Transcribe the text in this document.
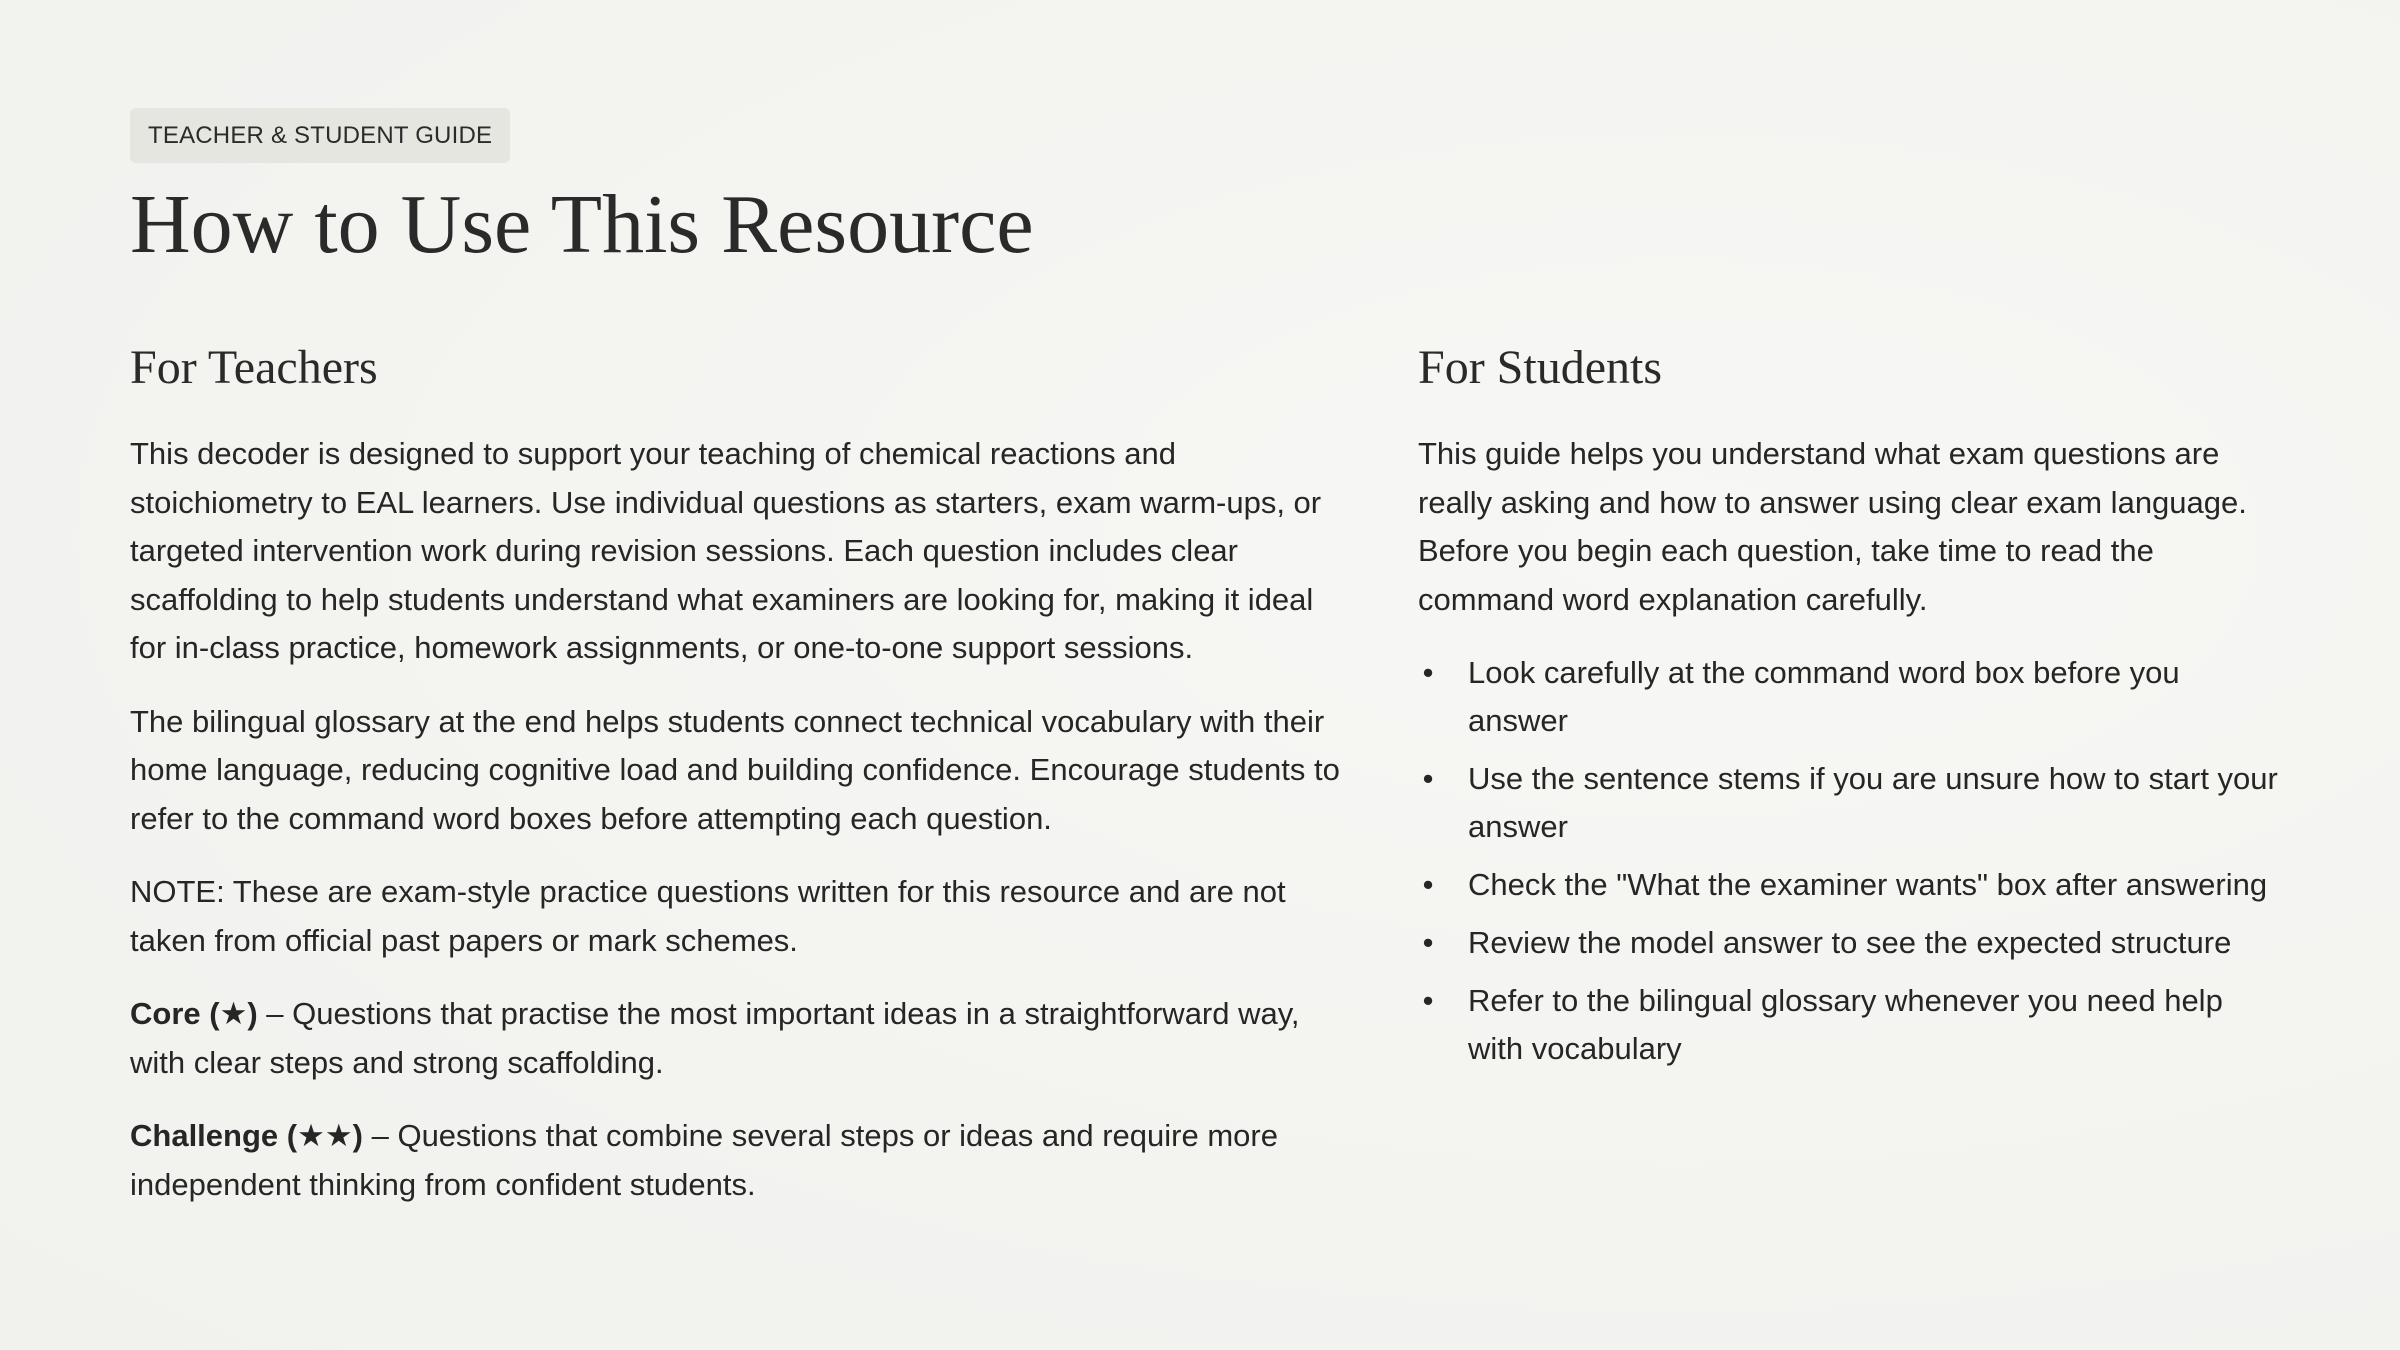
TEACHER & STUDENT GUIDE
How to Use This Resource
For Teachers

This decoder is designed to support your teaching of chemical reactions and stoichiometry to EAL learners. Use individual questions as starters, exam warm-ups, or targeted intervention work during revision sessions. Each question includes clear scaffolding to help students understand what examiners are looking for, making it ideal for in-class practice, homework assignments, or one-to-one support sessions.

The bilingual glossary at the end helps students connect technical vocabulary with their home language, reducing cognitive load and building confidence. Encourage students to refer to the command word boxes before attempting each question.

NOTE: These are exam-style practice questions written for this resource and are not taken from official past papers or mark schemes.

Core (★) – Questions that practise the most important ideas in a straightforward way, with clear steps and strong scaffolding.

Challenge (★★) – Questions that combine several steps or ideas and require more independent thinking from confident students.

For Students

This guide helps you understand what exam questions are really asking and how to answer using clear exam language. Before you begin each question, take time to read the command word explanation carefully.

• Look carefully at the command word box before you answer
• Use the sentence stems if you are unsure how to start your answer
• Check the "What the examiner wants" box after answering
• Review the model answer to see the expected structure
• Refer to the bilingual glossary whenever you need help with vocabulary
